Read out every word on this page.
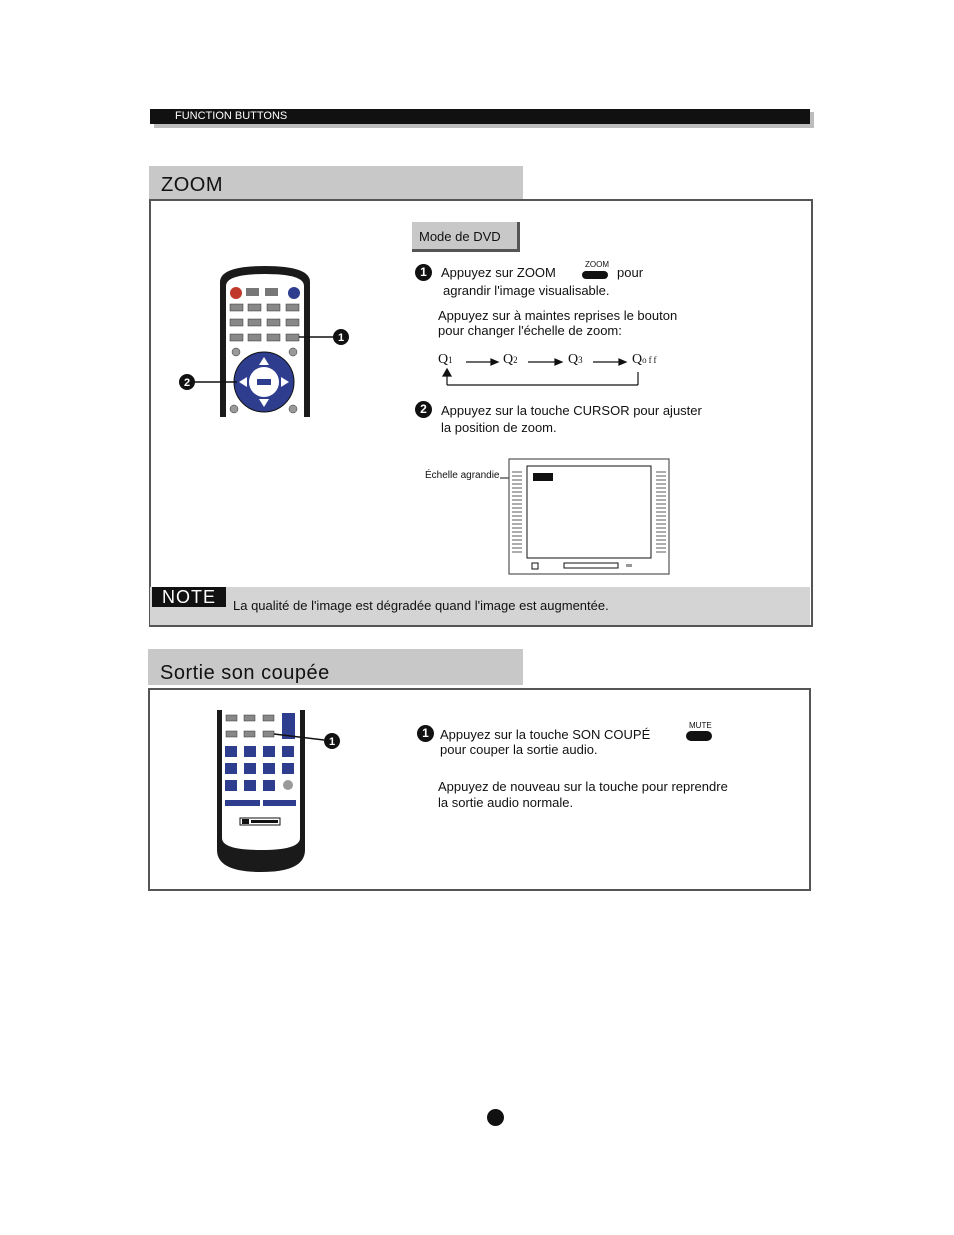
FUNCTION BUTTONS
ZOOM
1
2
Mode de DVD
1	Appuyez sur ZOOM
ZOOM
pour
agrandir l'image visualisable.
Appuyez sur à maintes reprises le bouton
pour changer l'échelle de zoom:
Q1	Q2	Q3	Qoff
2	Appuyez sur la touche CURSOR pour ajuster
la position de zoom.
Échelle agrandie
NOTE	La qualité de l'image est dégradée quand l'image est augmentée.
Sortie son coupée
1
1 Appuyez sur la touche SON COUPÉ
MUTE
pour couper la sortie audio.
Appuyez de nouveau sur la touche pour reprendre
la sortie audio normale.
